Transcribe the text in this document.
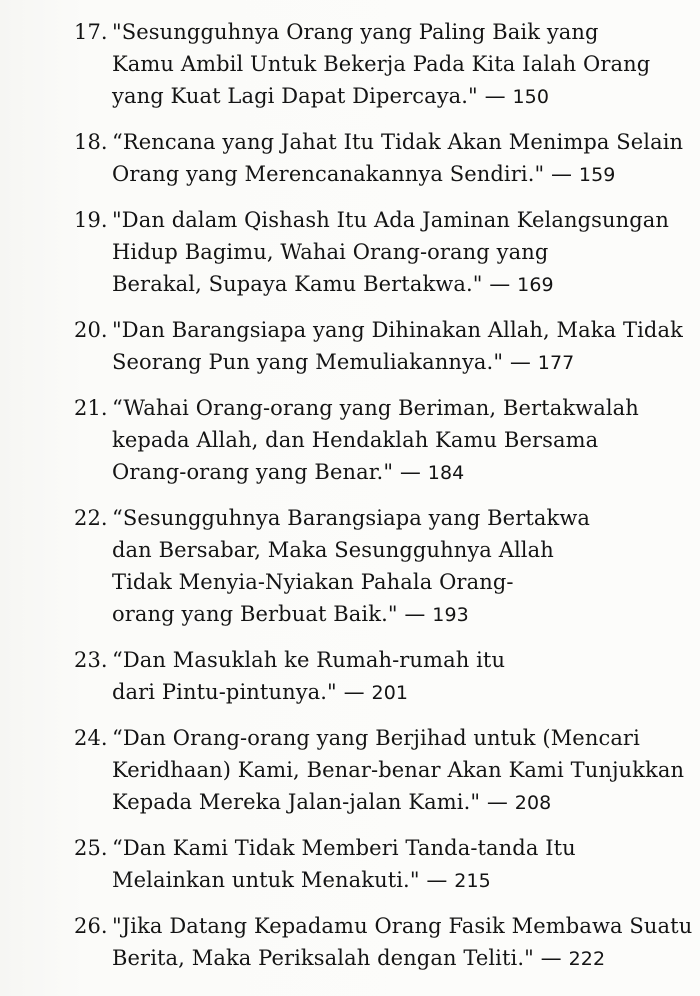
17. "Sesungguhnya Orang yang Paling Baik yang
Kamu Ambil Untuk Bekerja Pada Kita Ialah Orang
yang Kuat Lagi Dapat Dipercaya." — 150
18. “Rencana yang Jahat Itu Tidak Akan Menimpa Selain
Orang yang Merencanakannya Sendiri." — 159
19. "Dan dalam Qishash Itu Ada Jaminan Kelangsungan
Hidup Bagimu, Wahai Orang-orang yang
Berakal, Supaya Kamu Bertakwa." — 169
20. "Dan Barangsiapa yang Dihinakan Allah, Maka Tidak
Seorang Pun yang Memuliakannya." — 177
21. “Wahai Orang-orang yang Beriman, Bertakwalah
kepada Allah, dan Hendaklah Kamu Bersama
Orang-orang yang Benar." — 184
22. “Sesungguhnya Barangsiapa yang Bertakwa
dan Bersabar, Maka Sesungguhnya Allah
Tidak Menyia-Nyiakan Pahala Orang-
orang yang Berbuat Baik." — 193
23. “Dan Masuklah ke Rumah-rumah itu
dari Pintu-pintunya." — 201
24. “Dan Orang-orang yang Berjihad untuk (Mencari
Keridhaan) Kami, Benar-benar Akan Kami Tunjukkan
Kepada Mereka Jalan-jalan Kami." — 208
25. “Dan Kami Tidak Memberi Tanda-tanda Itu
Melainkan untuk Menakuti." — 215
26. "Jika Datang Kepadamu Orang Fasik Membawa Suatu
Berita, Maka Periksalah dengan Teliti." — 222
